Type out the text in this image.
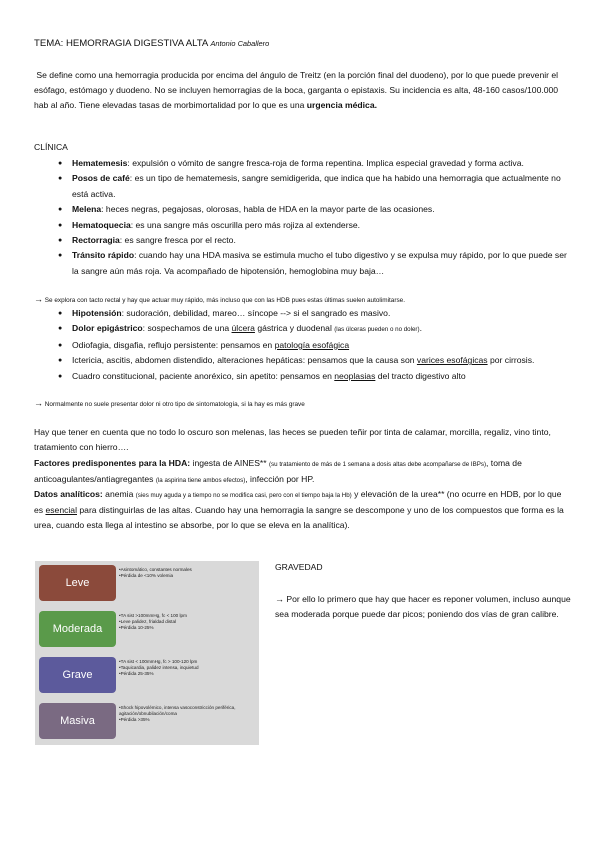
TEMA: HEMORRAGIA DIGESTIVA ALTA Antonio Caballero
Se define como una hemorragia producida por encima del ángulo de Treitz (en la porción final del duodeno), por lo que puede prevenir el esófago, estómago y duodeno. No se incluyen hemorragias de la boca, garganta o epistaxis. Su incidencia es alta, 48-160 casos/100.000 hab al año. Tiene elevadas tasas de morbimortalidad por lo que es una urgencia médica.
CLÍNICA
● Hematemesis: expulsión o vómito de sangre fresca-roja de forma repentina. Implica especial gravedad y forma activa.
● Posos de café: es un tipo de hematemesis, sangre semidigerida, que indica que ha habido una hemorragia que actualmente no está activa.
● Melena: heces negras, pegajosas, olorosas, habla de HDA en la mayor parte de las ocasiones.
● Hematoquecia: es una sangre más oscurilla pero más rojiza al extenderse.
● Rectorragia: es sangre fresca por el recto.
● Tránsito rápido: cuando hay una HDA masiva se estimula mucho el tubo digestivo y se expulsa muy rápido, por lo que puede ser la sangre aún más roja. Va acompañado de hipotensión, hemoglobina muy baja…
→ Se explora con tacto rectal y hay que actuar muy rápido, más incluso que con las HDB pues estas últimas suelen autolimitarse.
● Hipotensión: sudoración, debilidad, mareo… síncope --> si el sangrado es masivo.
● Dolor epigástrico: sospechamos de una úlcera gástrica y duodenal (las úlceras pueden o no doler).
● Odiofagia, disgafia, reflujo persistente: pensamos en patología esofágica
● Ictericia, ascitis, abdomen distendido, alteraciones hepáticas: pensamos que la causa son varices esofágicas por cirrosis.
● Cuadro constitucional, paciente anoréxico, sin apetito: pensamos en neoplasias del tracto digestivo alto
→ Normalmente no suele presentar dolor ni otro tipo de sintomatología, si la hay es más grave
Hay que tener en cuenta que no todo lo oscuro son melenas, las heces se pueden teñir por tinta de calamar, morcilla, regaliz, vino tinto, tratamiento con hierro….
Factores predisponentes para la HDA: ingesta de AINES** (su tratamiento de más de 1 semana a dosis altas debe acompañarse de IBPs), toma de anticoagulantes/antiagregantes (la aspirina tiene ambos efectos), infección por HP.
Datos analíticos: anemia (sies muy aguda y a tiempo no se modifica casi, pero con el tiempo baja la Hb) y elevación de la urea** (no ocurre en HDB, por lo que es esencial para distinguirlas de las altas. Cuando hay una hemorragia la sangre se descompone y uno de los compuestos que forma es la urea, cuando esta llega al intestino se absorbe, por lo que se eleva en la analítica).
Leve
• Asintomático, constantes normales
• Pérdida de <10% volemia
Moderada
• TA sist >100mmHg, fc < 100 lpm
• Leve palidez, frialdad distal
• Pérdida 10-25%
Grave
• TA sist < 100mmHg, fc > 100-120 lpm
• Taquicardia, palidez intensa, inquietud
• Pérdida 25-35%
Masiva
• Shock hipovolémico, intensa vasoconstricción periférica, agitación/obnubilación/coma
• Pérdida >35%
GRAVEDAD
→ Por ello lo primero que hay que hacer es reponer volumen, incluso aunque sea moderada porque puede dar picos; poniendo dos vías de gran calibre.
